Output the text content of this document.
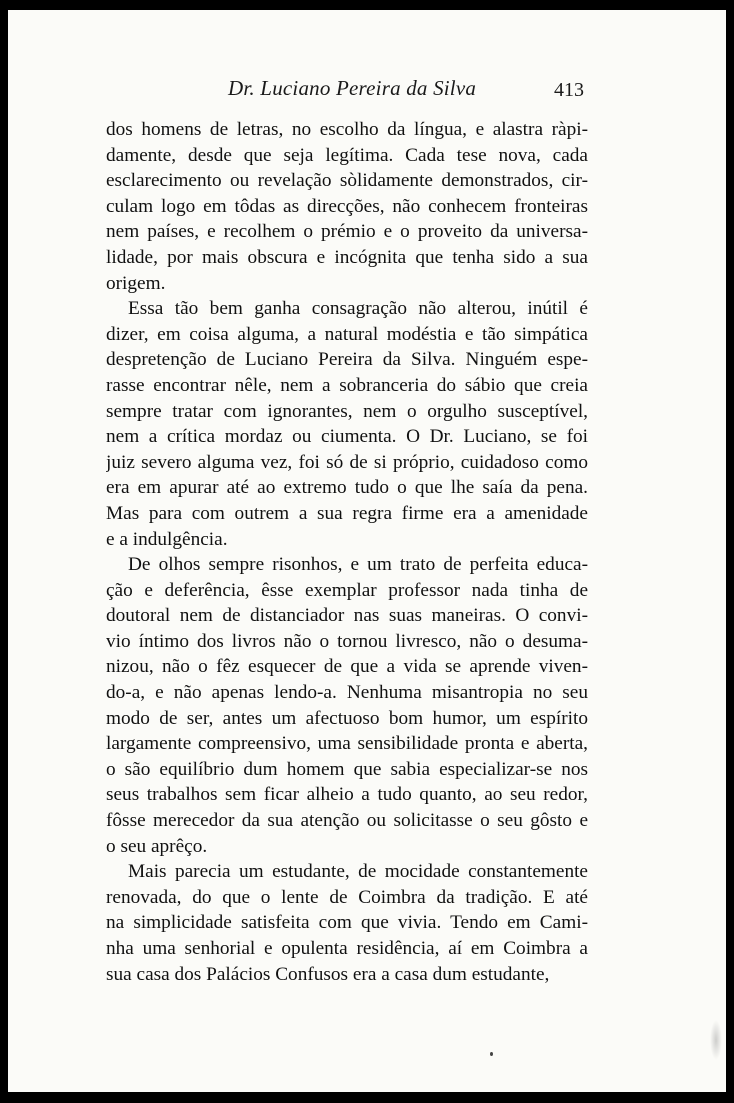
Dr. Luciano Pereira da Silva	413
dos homens de letras, no escolho da língua, e alastra ràpi-
damente, desde que seja legítima. Cada tese nova, cada
esclarecimento ou revelação sòlidamente demonstrados, cir-
culam logo em tôdas as direcções, não conhecem fronteiras
nem países, e recolhem o prémio e o proveito da universa-
lidade, por mais obscura e incógnita que tenha sido a sua
origem.
Essa tão bem ganha consagração não alterou, inútil é
dizer, em coisa alguma, a natural modéstia e tão simpática
despretenção de Luciano Pereira da Silva. Ninguém espe-
rasse encontrar nêle, nem a sobranceria do sábio que creia
sempre tratar com ignorantes, nem o orgulho susceptível,
nem a crítica mordaz ou ciumenta. O Dr. Luciano, se foi
juiz severo alguma vez, foi só de si próprio, cuidadoso como
era em apurar até ao extremo tudo o que lhe saía da pena.
Mas para com outrem a sua regra firme era a amenidade
e a indulgência.
De olhos sempre risonhos, e um trato de perfeita educa-
ção e deferência, êsse exemplar professor nada tinha de
doutoral nem de distanciador nas suas maneiras. O convi-
vio íntimo dos livros não o tornou livresco, não o desuma-
nizou, não o fêz esquecer de que a vida se aprende viven-
do-a, e não apenas lendo-a. Nenhuma misantropia no seu
modo de ser, antes um afectuoso bom humor, um espírito
largamente compreensivo, uma sensibilidade pronta e aberta,
o são equilíbrio dum homem que sabia especializar-se nos
seus trabalhos sem ficar alheio a tudo quanto, ao seu redor,
fôsse merecedor da sua atenção ou solicitasse o seu gôsto e
o seu aprêço.
Mais parecia um estudante, de mocidade constantemente
renovada, do que o lente de Coimbra da tradição. E até
na simplicidade satisfeita com que vivia. Tendo em Cami-
nha uma senhorial e opulenta residência, aí em Coimbra a
sua casa dos Palácios Confusos era a casa dum estudante,
